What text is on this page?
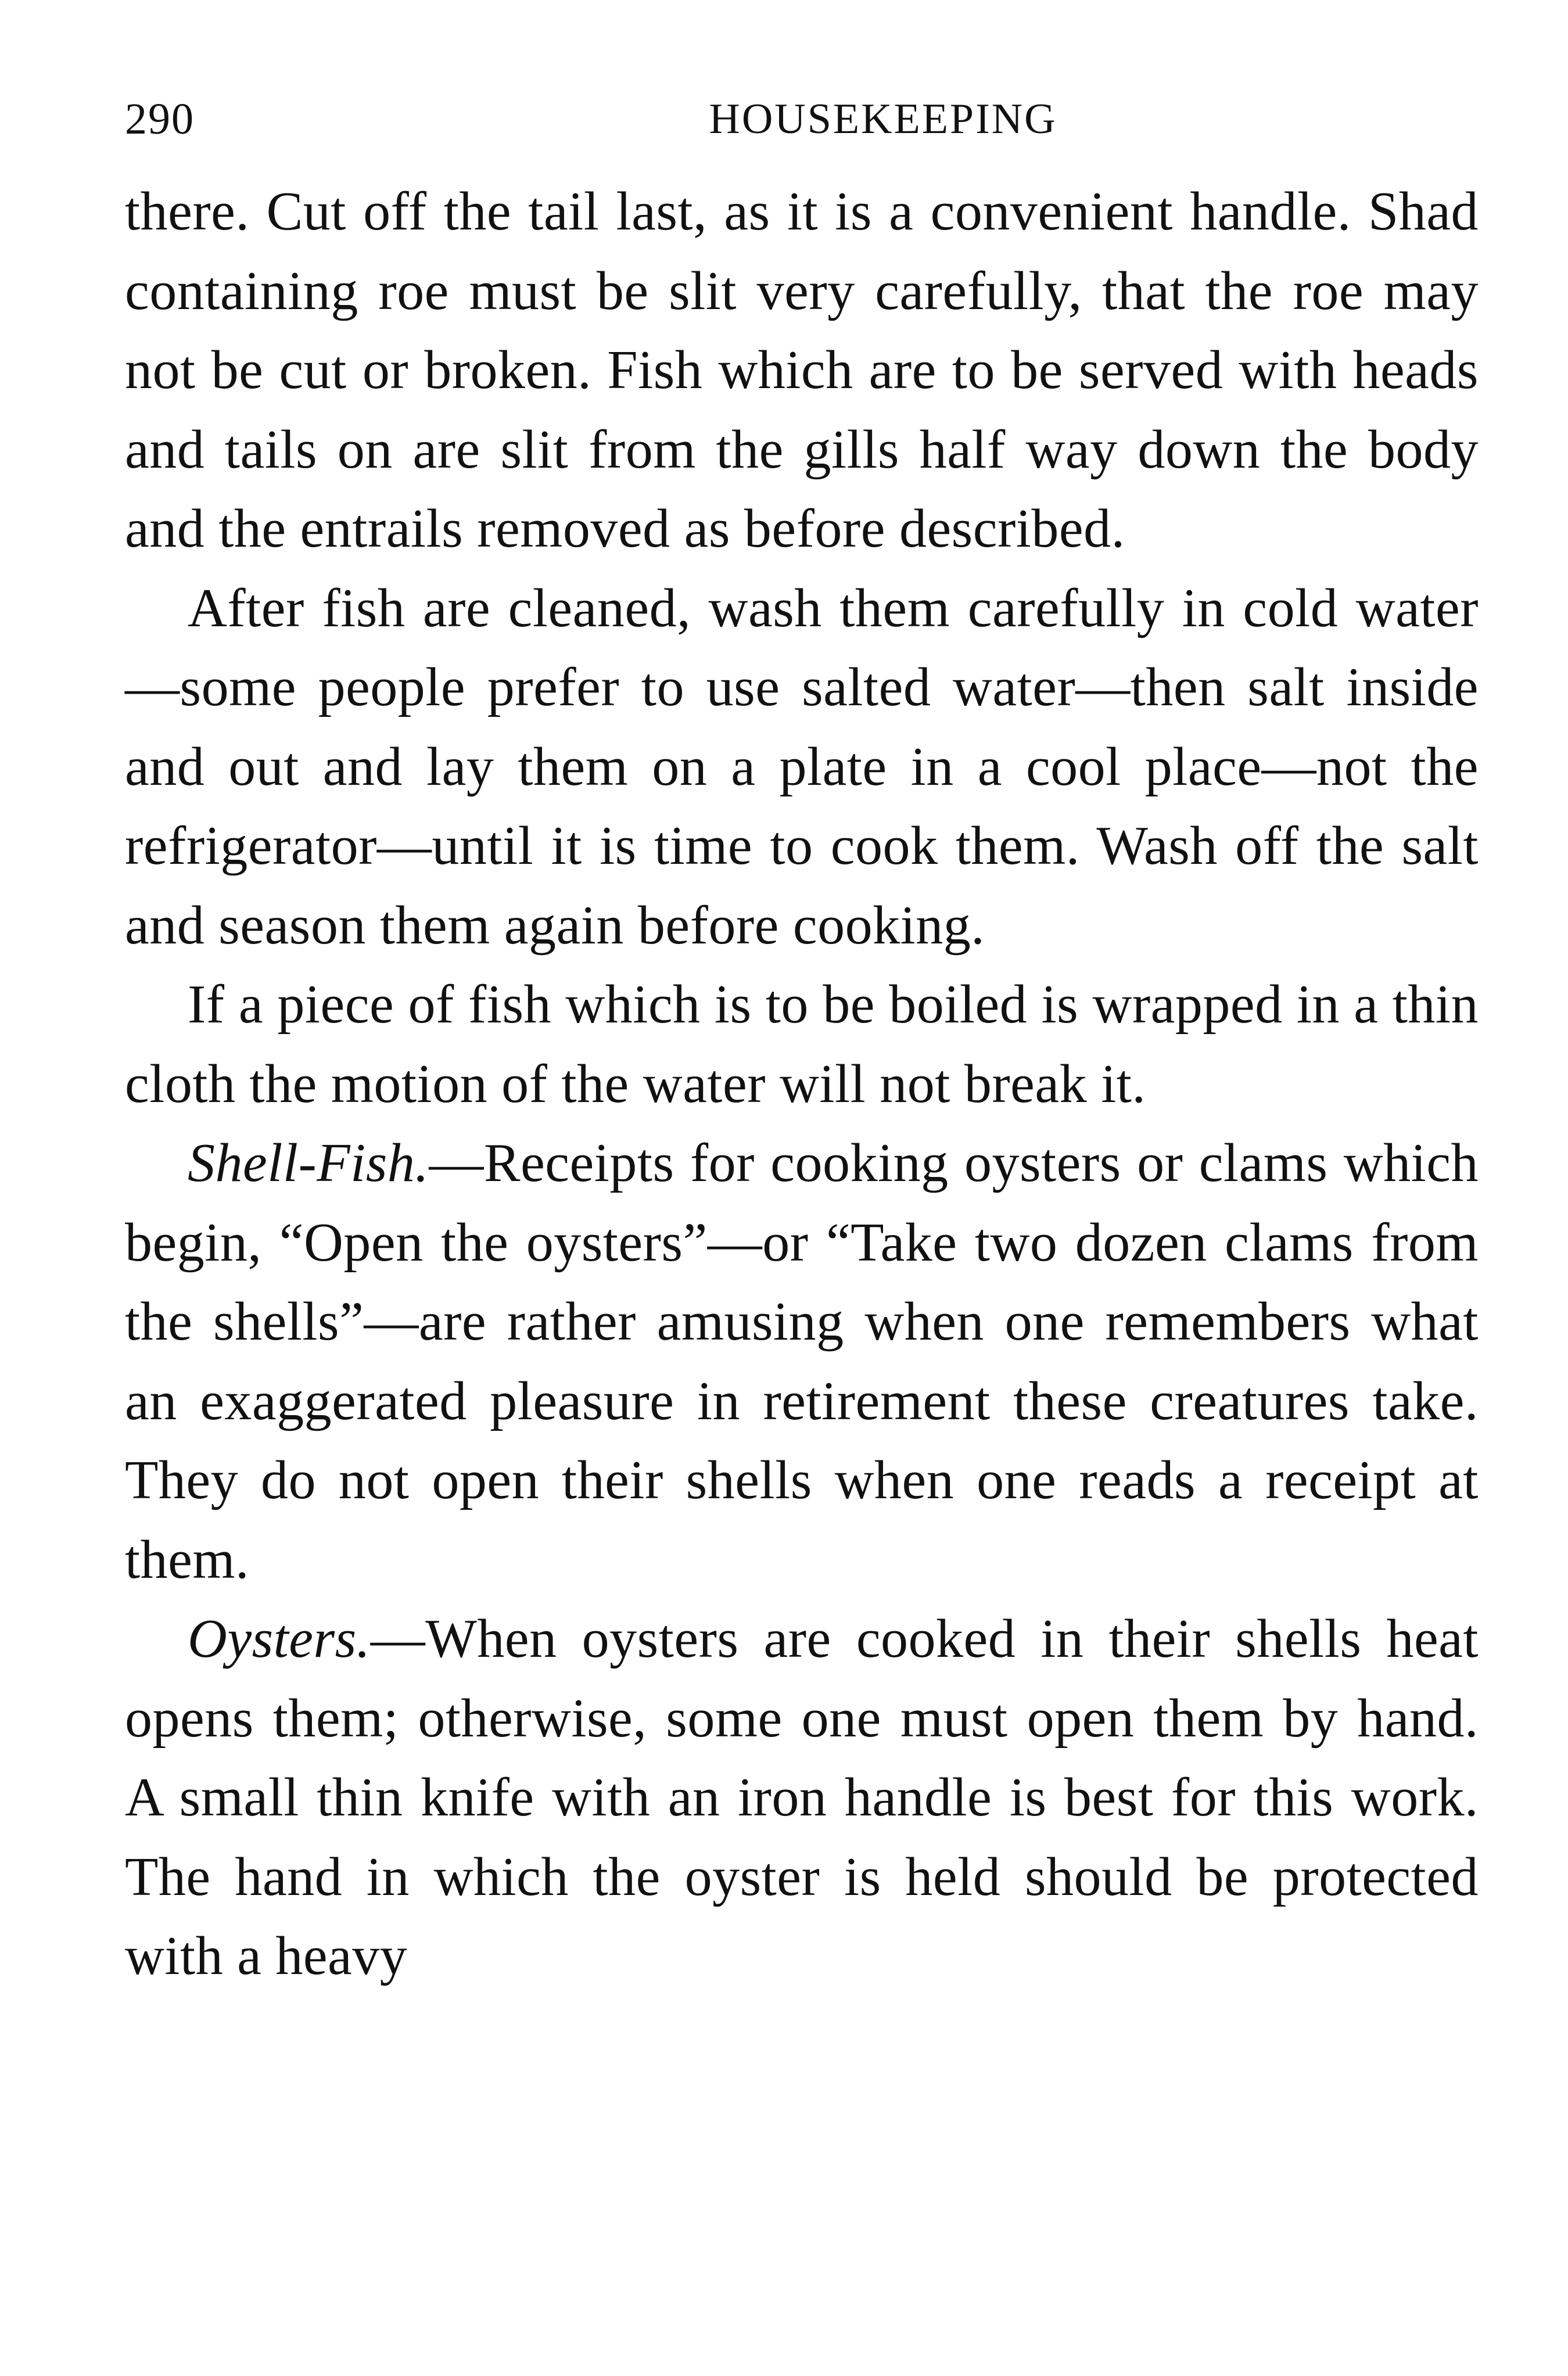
290	HOUSEKEEPING

there. Cut off the tail last, as it is a convenient handle. Shad containing roe must be slit very carefully, that the roe may not be cut or broken. Fish which are to be served with heads and tails on are slit from the gills half way down the body and the entrails removed as before described.

After fish are cleaned, wash them carefully in cold water—some people prefer to use salted water—then salt inside and out and lay them on a plate in a cool place—not the refrigerator—until it is time to cook them. Wash off the salt and season them again before cooking.

If a piece of fish which is to be boiled is wrapped in a thin cloth the motion of the water will not break it.

Shell-Fish.—Receipts for cooking oysters or clams which begin, “Open the oysters”—or “Take two dozen clams from the shells”—are rather amusing when one remembers what an exaggerated pleasure in retirement these creatures take. They do not open their shells when one reads a receipt at them.

Oysters.—When oysters are cooked in their shells heat opens them; otherwise, some one must open them by hand. A small thin knife with an iron handle is best for this work. The hand in which the oyster is held should be protected with a heavy
